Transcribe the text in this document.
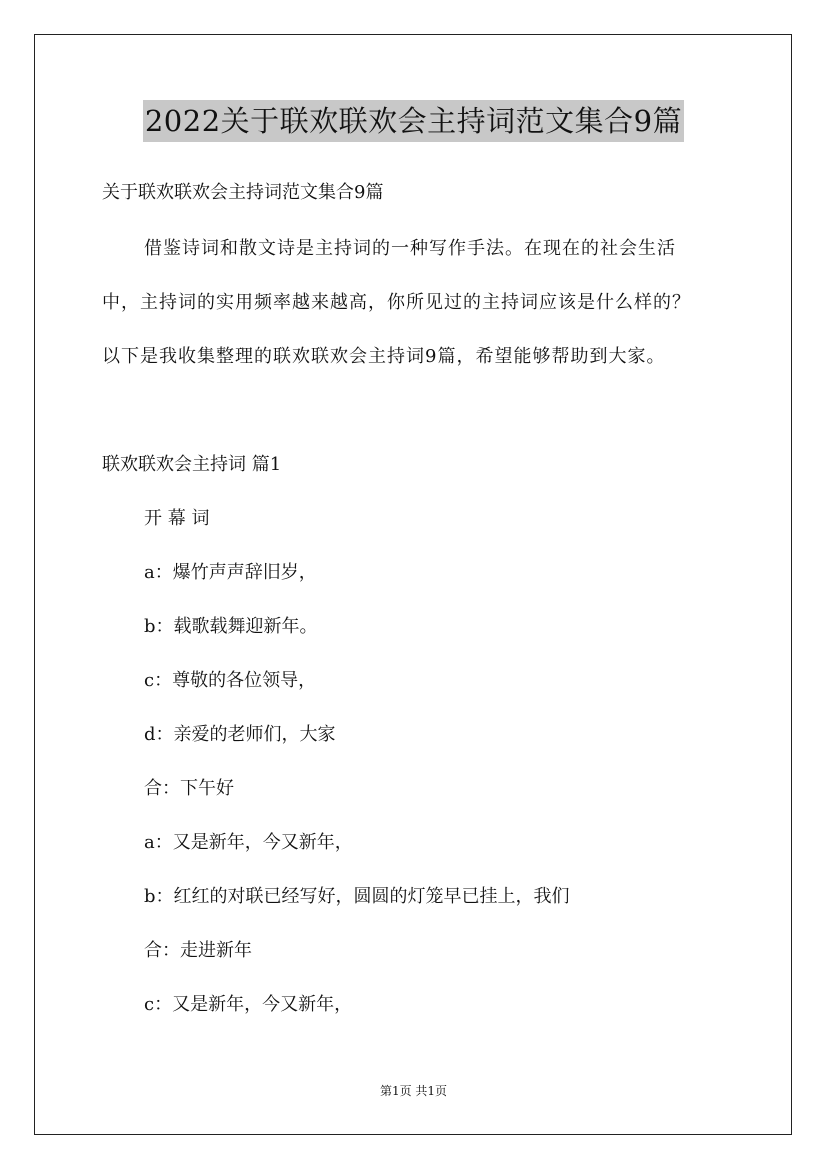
2022关于联欢联欢会主持词范文集合9篇
关于联欢联欢会主持词范文集合9篇
借鉴诗词和散文诗是主持词的一种写作手法。在现在的社会生活
中，主持词的实用频率越来越高，你所见过的主持词应该是什么样的？
以下是我收集整理的联欢联欢会主持词9篇，希望能够帮助到大家。
联欢联欢会主持词 篇1
开 幕 词
a：爆竹声声辞旧岁，
b：载歌载舞迎新年。
c：尊敬的各位领导，
d：亲爱的老师们，大家
合：下午好
a：又是新年，今又新年，
b：红红的对联已经写好，圆圆的灯笼早已挂上，我们
合：走进新年
c：又是新年，今又新年，
第1页 共1页
